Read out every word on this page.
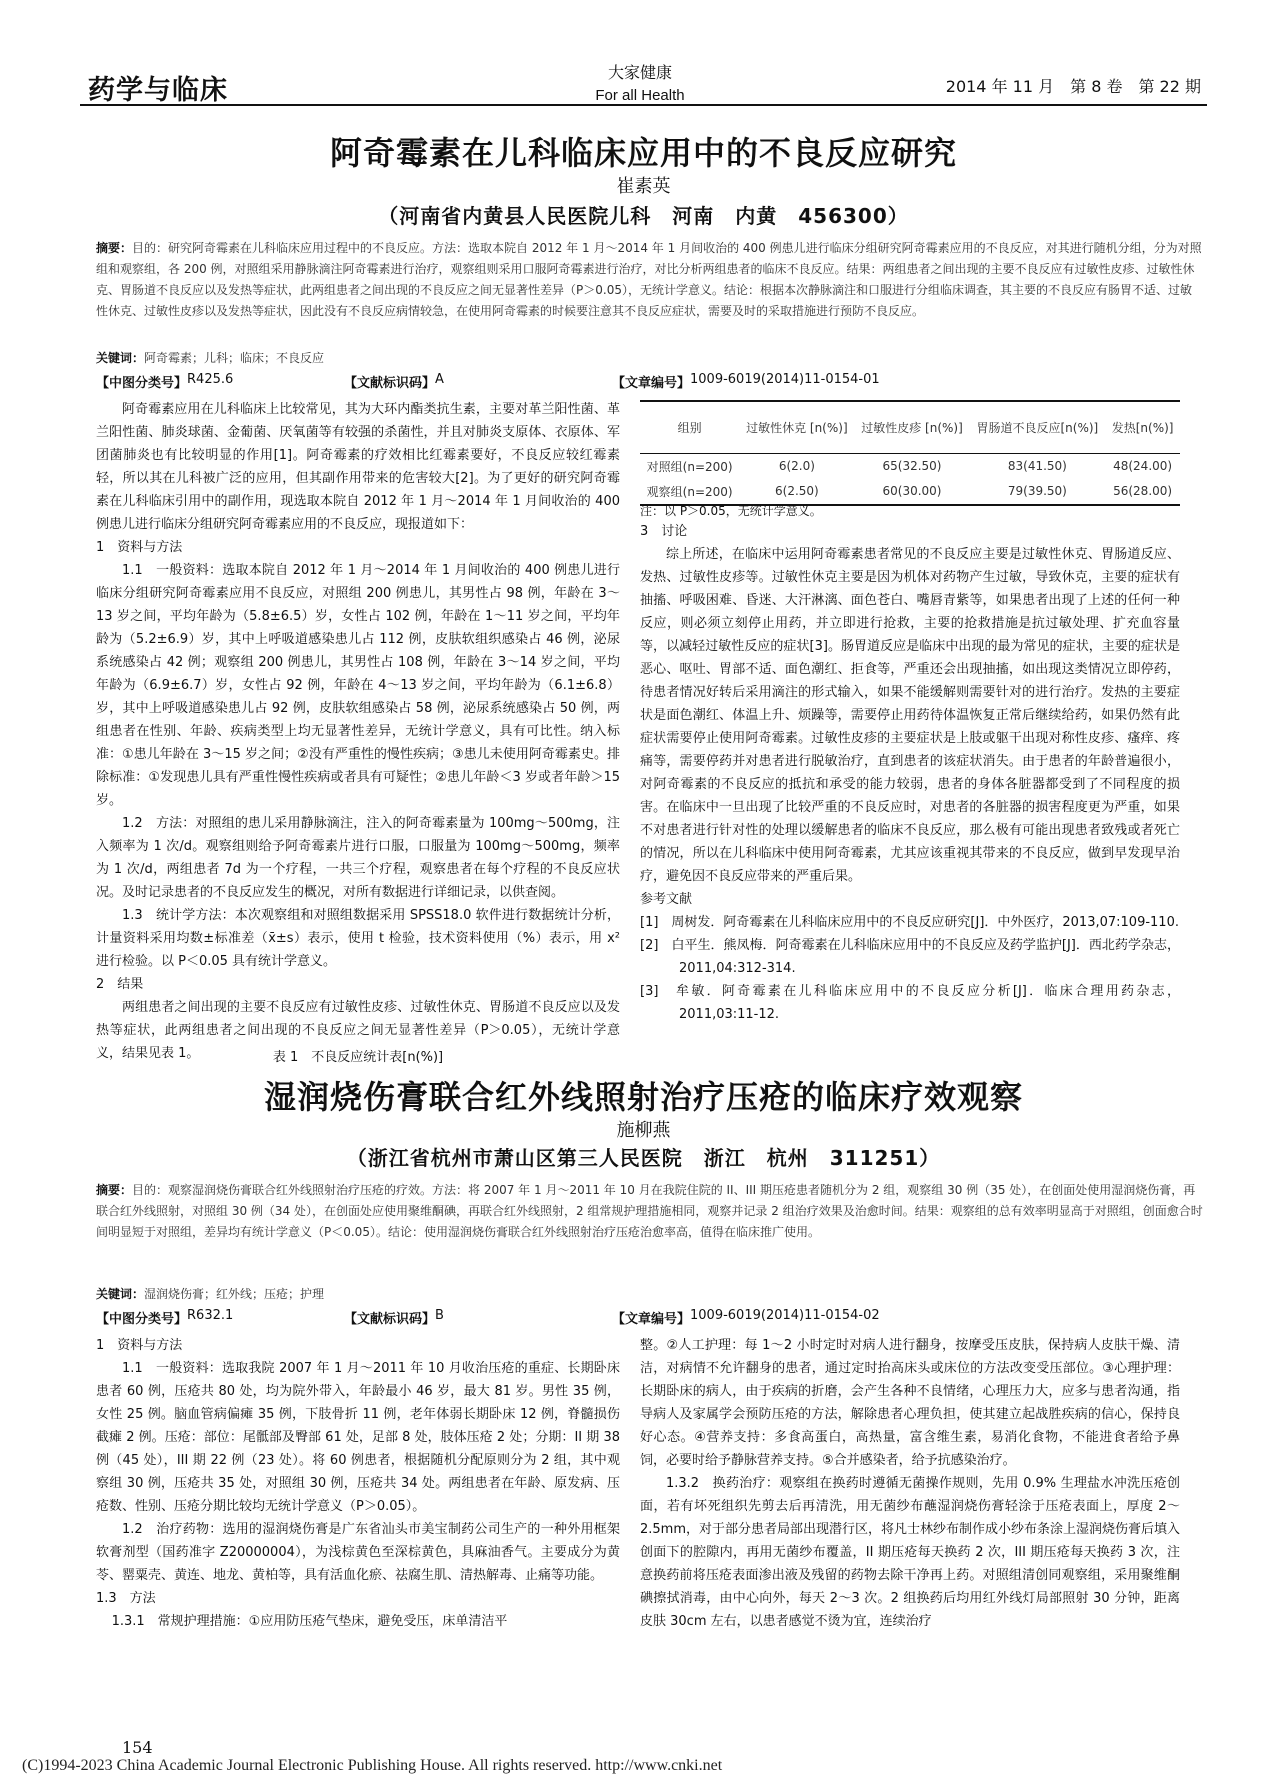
药学与临床
大家健康
For all Health	2014 年 11 月　第 8 卷　第 22 期
阿奇霉素在儿科临床应用中的不良反应研究
崔素英
（河南省内黄县人民医院儿科　河南　内黄　456300）
摘要：目的：研究阿奇霉素在儿科临床应用过程中的不良反应。方法：选取本院自 2012 年 1 月～2014 年 1 月间收治的 400 例患儿进行临床分组研究阿奇霉素应用的不良反应，对其进行随机分组，分为对照组和观察组，各 200 例，对照组采用静脉滴注阿奇霉素进行治疗，观察组则采用口服阿奇霉素进行治疗，对比分析两组患者的临床不良反应。结果：两组患者之间出现的主要不良反应有过敏性皮疹、过敏性休克、胃肠道不良反应以及发热等症状，此两组患者之间出现的不良反应之间无显著性差异（P＞0.05），无统计学意义。结论：根据本次静脉滴注和口服进行分组临床调查，其主要的不良反应有肠胃不适、过敏性休克、过敏性皮疹以及发热等症状，因此没有不良反应病情较急，在使用阿奇霉素的时候要注意其不良反应症状，需要及时的采取措施进行预防不良反应。
关键词：阿奇霉素；儿科；临床；不良反应
【中图分类号】 R425.6	【文献标识码】 A	【文章编号】 1009-6019(2014)11-0154-01

阿奇霉素应用在儿科临床上比较常见，其为大环内酯类抗生素，主要对革兰阳性菌、革兰阳性菌、肺炎球菌、金葡菌、厌氧菌等有较强的杀菌性，并且对肺炎支原体、衣原体、军团菌肺炎也有比较明显的作用[1]。阿奇霉素的疗效相比红霉素要好，不良反应较红霉素轻，所以其在儿科被广泛的应用，但其副作用带来的危害较大[2]。为了更好的研究阿奇霉素在儿科临床引用中的副作用，现选取本院自 2012 年 1 月～2014 年 1 月间收治的 400 例患儿进行临床分组研究阿奇霉素应用的不良反应，现报道如下：

1　资料与方法

1.1　一般资料：选取本院自 2012 年 1 月～2014 年 1 月间收治的 400 例患儿进行临床分组研究阿奇霉素应用不良反应，对照组 200 例患儿，其男性占 98 例，年龄在 3～13 岁之间，平均年龄为（5.8±6.5）岁，女性占 102 例，年龄在 1～11 岁之间，平均年龄为（5.2±6.9）岁，其中上呼吸道感染患儿占 112 例，皮肤软组织感染占 46 例，泌尿系统感染占 42 例；观察组 200 例患儿，其男性占 108 例，年龄在 3～14 岁之间，平均年龄为（6.9±6.7）岁，女性占 92 例，年龄在 4～13 岁之间，平均年龄为（6.1±6.8）岁，其中上呼吸道感染患儿占 92 例，皮肤软组感染占 58 例，泌尿系统感染占 50 例，两组患者在性别、年龄、疾病类型上均无显著性差异，无统计学意义，具有可比性。纳入标准：①患儿年龄在 3～15 岁之间；②没有严重性的慢性疾病；③患儿未使用阿奇霉素史。排除标准：①发现患儿具有严重性慢性疾病或者具有可疑性；②患儿年龄＜3 岁或者年龄＞15 岁。

1.2　方法：对照组的患儿采用静脉滴注，注入的阿奇霉素量为 100mg～500mg，注入频率为 1 次/d。观察组则给予阿奇霉素片进行口服，口服量为 100mg～500mg，频率为 1 次/d，两组患者 7d 为一个疗程，一共三个疗程，观察患者在每个疗程的不良反应状况。及时记录患者的不良反应发生的概况，对所有数据进行详细记录，以供查阅。

1.3　统计学方法：本次观察组和对照组数据采用 SPSS18.0 软件进行数据统计分析，计量资料采用均数±标准差（x̄±s）表示，使用 t 检验，技术资料使用（%）表示，用 x² 进行检验。以 P＜0.05 具有统计学意义。

2　结果

两组患者之间出现的主要不良反应有过敏性皮疹、过敏性休克、胃肠道不良反应以及发热等症状，此两组患者之间出现的不良反应之间无显著性差异（P＞0.05），无统计学意义，结果见表 1。

组别	过敏性休克 [n(%)]	过敏性皮疹 [n(%)]	胃肠道不良反应[n(%)]	发热[n(%)]
对照组(n=200)	6(2.0)	65(32.50)	83(41.50)	48(24.00)
观察组(n=200)	6(2.50)	60(30.00)	79(39.50)	56(28.00)
注：以 P＞0.05，无统计学意义。
3　讨论

综上所述，在临床中运用阿奇霉素患者常见的不良反应主要是过敏性休克、胃肠道反应、发热、过敏性皮疹等。过敏性休克主要是因为机体对药物产生过敏，导致休克，主要的症状有抽搐、呼吸困难、昏迷、大汗淋漓、面色苍白、嘴唇青紫等，如果患者出现了上述的任何一种反应，则必须立刻停止用药，并立即进行抢救，主要的抢救措施是抗过敏处理、扩充血容量等，以减轻过敏性反应的症状[3]。肠胃道反应是临床中出现的最为常见的症状，主要的症状是恶心、呕吐、胃部不适、面色潮红、拒食等，严重还会出现抽搐，如出现这类情况立即停药，待患者情况好转后采用滴注的形式输入，如果不能缓解则需要针对的进行治疗。发热的主要症状是面色潮红、体温上升、烦躁等，需要停止用药待体温恢复正常后继续给药，如果仍然有此症状需要停止使用阿奇霉素。过敏性皮疹的主要症状是上肢或躯干出现对称性皮疹、瘙痒、疼痛等，需要停药并对患者进行脱敏治疗，直到患者的该症状消失。由于患者的年龄普遍很小，对阿奇霉素的不良反应的抵抗和承受的能力较弱，患者的身体各脏器都受到了不同程度的损害。在临床中一旦出现了比较严重的不良反应时，对患者的各脏器的损害程度更为严重，如果不对患者进行针对性的处理以缓解患者的临床不良反应，那么极有可能出现患者致残或者死亡的情况，所以在儿科临床中使用阿奇霉素，尤其应该重视其带来的不良反应，做到早发现早治疗，避免因不良反应带来的严重后果。

参考文献

[1]　周树发．阿奇霉素在儿科临床应用中的不良反应研究[J]．中外医疗，2013,07:109-110.

[2]　白平生．熊凤梅．阿奇霉素在儿科临床应用中的不良反应及药学监护[J]．西北药学杂志，2011,04:312-314.

[3]　牟敏．阿奇霉素在儿科临床应用中的不良反应分析[J]．临床合理用药杂志，2011,03:11-12.

表 1　不良反应统计表[n(%)]
湿润烧伤膏联合红外线照射治疗压疮的临床疗效观察
施柳燕
（浙江省杭州市萧山区第三人民医院　浙江　杭州　311251）
摘要：目的：观察湿润烧伤膏联合红外线照射治疗压疮的疗效。方法：将 2007 年 1 月～2011 年 10 月在我院住院的 II、III 期压疮患者随机分为 2 组，观察组 30 例（35 处），在创面处使用湿润烧伤膏，再联合红外线照射，对照组 30 例（34 处），在创面处应使用聚维酮碘，再联合红外线照射，2 组常规护理措施相同，观察并记录 2 组治疗效果及治愈时间。结果：观察组的总有效率明显高于对照组，创面愈合时间明显短于对照组，差异均有统计学意义（P＜0.05）。结论：使用湿润烧伤膏联合红外线照射治疗压疮治愈率高，值得在临床推广使用。
关键词：湿润烧伤膏；红外线；压疮；护理
【中图分类号】 R632.1	【文献标识码】 B	【文章编号】 1009-6019(2014)11-0154-02
1　资料与方法

1.1　一般资料：选取我院 2007 年 1 月～2011 年 10 月收治压疮的重症、长期卧床患者 60 例，压疮共 80 处，均为院外带入，年龄最小 46 岁，最大 81 岁。男性 35 例，女性 25 例。脑血管病偏瘫 35 例，下肢骨折 11 例，老年体弱长期卧床 12 例，脊髓损伤截瘫 2 例。压疮：部位：尾骶部及臀部 61 处，足部 8 处，肢体压疮 2 处；分期：II 期 38 例（45 处），III 期 22 例（23 处）。将 60 例患者，根据随机分配原则分为 2 组，其中观察组 30 例，压疮共 35 处，对照组 30 例，压疮共 34 处。两组患者在年龄、原发病、压疮数、性别、压疮分期比较均无统计学意义（P＞0.05）。

1.2　治疗药物：选用的湿润烧伤膏是广东省汕头市美宝制药公司生产的一种外用框架软膏剂型（国药准字 Z20000004），为浅棕黄色至深棕黄色，具麻油香气。主要成分为黄苓、罂粟壳、黄连、地龙、黄柏等，具有活血化瘀、祛腐生肌、清热解毒、止痛等功能。

1.3　方法
1.3.1　常规护理措施：①应用防压疮气垫床，避免受压，床单清洁平
整。②人工护理：每 1～2 小时定时对病人进行翻身，按摩受压皮肤，保持病人皮肤干燥、清洁，对病情不允许翻身的患者，通过定时抬高床头或床位的方法改变受压部位。③心理护理：长期卧床的病人，由于疾病的折磨，会产生各种不良情绪，心理压力大，应多与患者沟通，指导病人及家属学会预防压疮的方法，解除患者心理负担，使其建立起战胜疾病的信心，保持良好心态。④营养支持：多食高蛋白，高热量，富含维生素，易消化食物，不能进食者给予鼻饲，必要时给予静脉营养支持。⑤合并感染者，给予抗感染治疗。

1.3.2　换药治疗：观察组在换药时遵循无菌操作规则，先用 0.9% 生理盐水冲洗压疮创面，若有坏死组织先剪去后再清洗，用无菌纱布蘸湿润烧伤膏轻涂于压疮表面上，厚度 2～2.5mm，对于部分患者局部出现潜行区，将凡士林纱布制作成小纱布条涂上湿润烧伤膏后填入创面下的腔隙内，再用无菌纱布覆盖，II 期压疮每天换药 2 次，III 期压疮每天换药 3 次，注意换药前将压疮表面渗出液及残留的药物去除干净再上药。对照组清创同观察组，采用聚维酮碘擦拭消毒，由中心向外，每天 2～3 次。2 组换药后均用红外线灯局部照射 30 分钟，距离皮肤 30cm 左右，以患者感觉不烫为宜，连续治疗

154
(C)1994-2023 China Academic Journal Electronic Publishing House. All rights reserved. http://www.cnki.net
